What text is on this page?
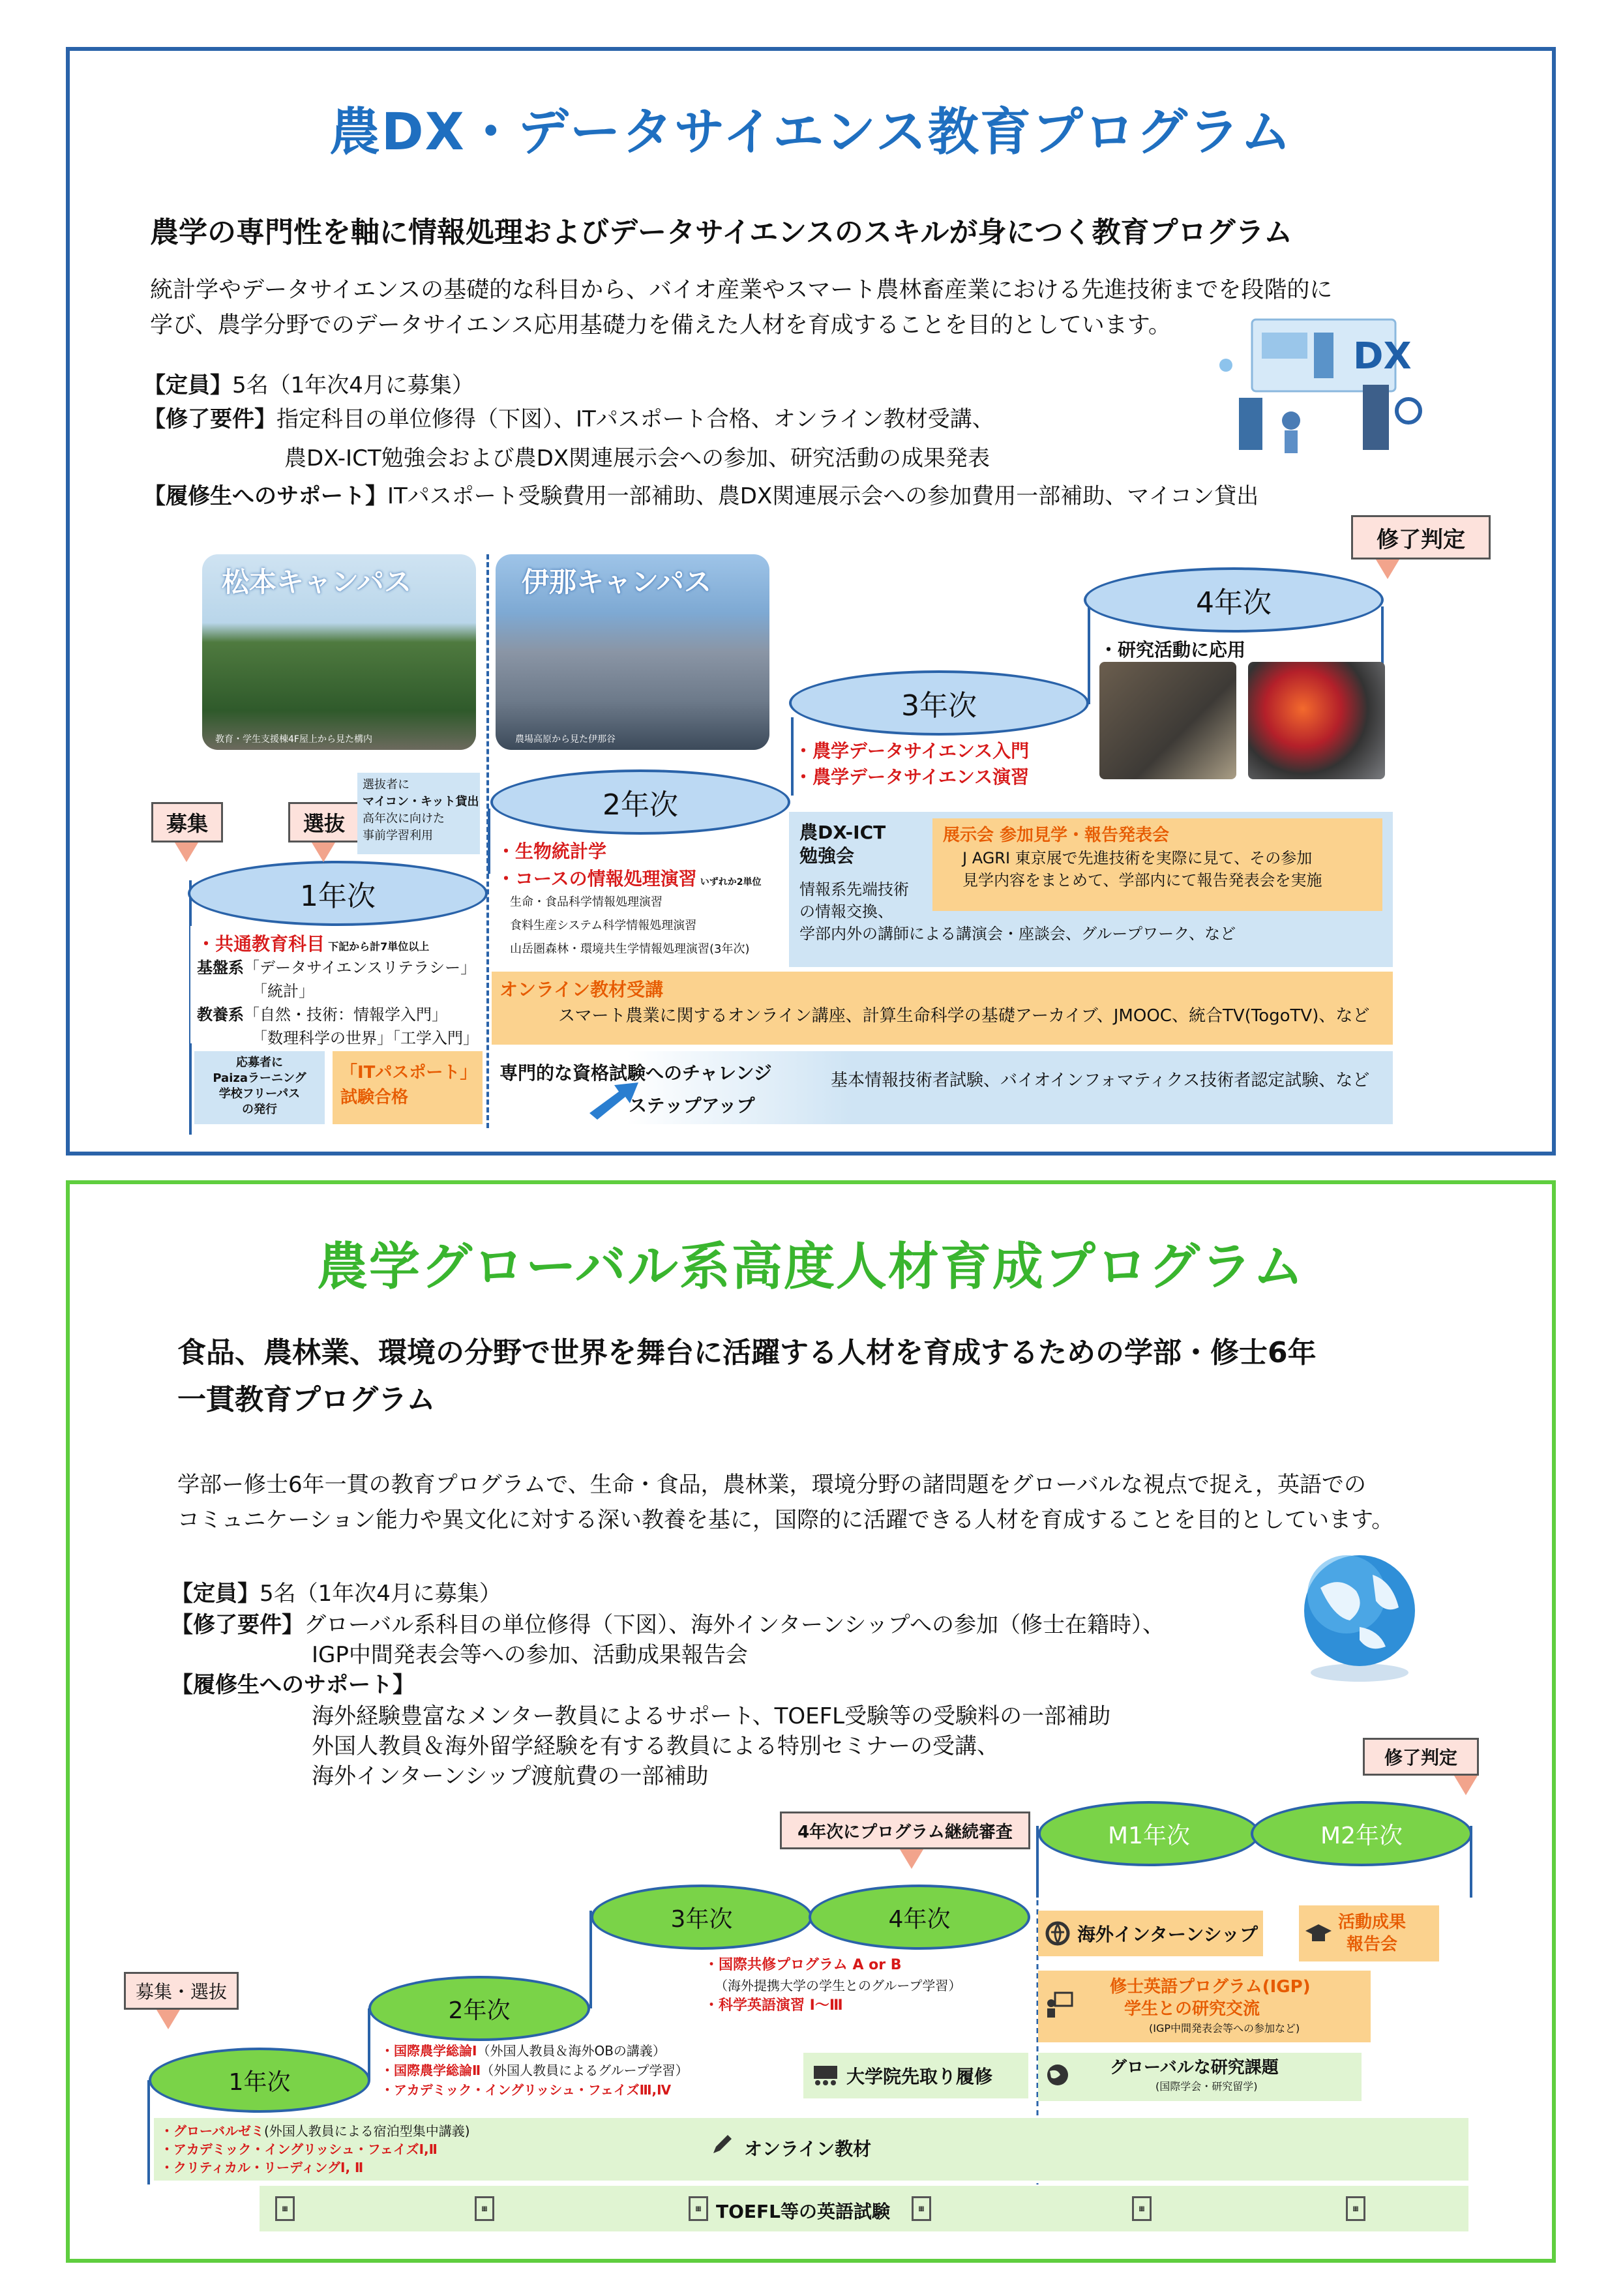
農DX・データサイエンス教育プログラム
農学の専門性を軸に情報処理およびデータサイエンスのスキルが身につく教育プログラム
統計学やデータサイエンスの基礎的な科目から、バイオ産業やスマート農林畜産業における先進技術までを段階的に
学び、農学分野でのデータサイエンス応用基礎力を備えた人材を育成することを目的としています。
【定員】5名（1年次4月に募集）
【修了要件】指定科目の単位修得（下図）、ITパスポート合格、オンライン教材受講、
農DX-ICT勉強会および農DX関連展示会への参加、研究活動の成果発表
【履修生へのサポート】ITパスポート受験費用一部補助、農DX関連展示会への参加費用一部補助、マイコン貸出
DX
修了判定
松本キャンパス
教育・学生支援棟4F屋上から見た構内
伊那キャンパス
農場高原から見た伊那谷
4年次
・研究活動に応用
3年次
・農学データサイエンス入門
・農学データサイエンス演習
2年次
1年次
募集	選抜
選抜者に
マイコン・キット貸出
高年次に向けた
事前学習利用
・共通教育科目 下記から計7単位以上
基盤系「データサイエンスリテラシー」
「統計」
教養系「自然・技術：情報学入門」
「数理科学の世界」「工学入門」
・生物統計学
・コースの情報処理演習 いずれか2単位
生命・食品科学情報処理演習
食料生産システム科学情報処理演習
山岳圏森林・環境共生学情報処理演習(3年次)
農DX-ICT
勉強会
情報系先端技術
の情報交換、
学部内外の講師による講演会・座談会、グループワーク、など
展示会 参加見学・報告発表会
J AGRI 東京展で先進技術を実際に見て、その参加
見学内容をまとめて、学部内にて報告発表会を実施
オンライン教材受講
スマート農業に関するオンライン講座、計算生命科学の基礎アーカイブ、JMOOC、統合TV(TogoTV)、など
応募者に
Paizaラーニング
学校フリーパス
の発行
「ITパスポート」
試験合格
専門的な資格試験へのチャレンジ	基本情報技術者試験、バイオインフォマティクス技術者認定試験、など
ステップアップ
農学グローバル系高度人材育成プログラム
食品、農林業、環境の分野で世界を舞台に活躍する人材を育成するための学部・修士6年
一貫教育プログラム
学部ー修士6年一貫の教育プログラムで、生命・食品，農林業，環境分野の諸問題をグローバルな視点で捉え，英語での
コミュニケーション能力や異文化に対する深い教養を基に，国際的に活躍できる人材を育成することを目的としています。
【定員】5名（1年次4月に募集）
【修了要件】グローバル系科目の単位修得（下図）、海外インターンシップへの参加（修士在籍時）、
IGP中間発表会等への参加、活動成果報告会
【履修生へのサポート】
海外経験豊富なメンター教員によるサポート、TOEFL受験等の受験料の一部補助
外国人教員＆海外留学経験を有する教員による特別セミナーの受講、
海外インターンシップ渡航費の一部補助
修了判定
4年次にプログラム継続審査
募集・選抜
M1年次	M2年次
3年次	4年次
2年次
1年次
・国際共修プログラム A or B
（海外提携大学の学生とのグループ学習）
・科学英語演習 Ⅰ～Ⅲ
・国際農学総論Ⅰ（外国人教員＆海外OBの講義）
・国際農学総論Ⅱ（外国人教員によるグループ学習）
・アカデミック・イングリッシュ・フェイズⅢ,Ⅳ
大学院先取り履修
海外インターンシップ
活動成果
報告会
修士英語プログラム(IGP)
学生との研究交流
(IGP中間発表会等への参加など)
グローバルな研究課題
(国際学会・研究留学)
・グローバルゼミ(外国人教員による宿泊型集中講義)
・アカデミック・イングリッシュ・フェイズⅠ,Ⅱ
・クリティカル・リーディングⅠ, Ⅱ
オンライン教材
▦	▦	▦ TOEFL等の英語試験	▦	▦	▦
